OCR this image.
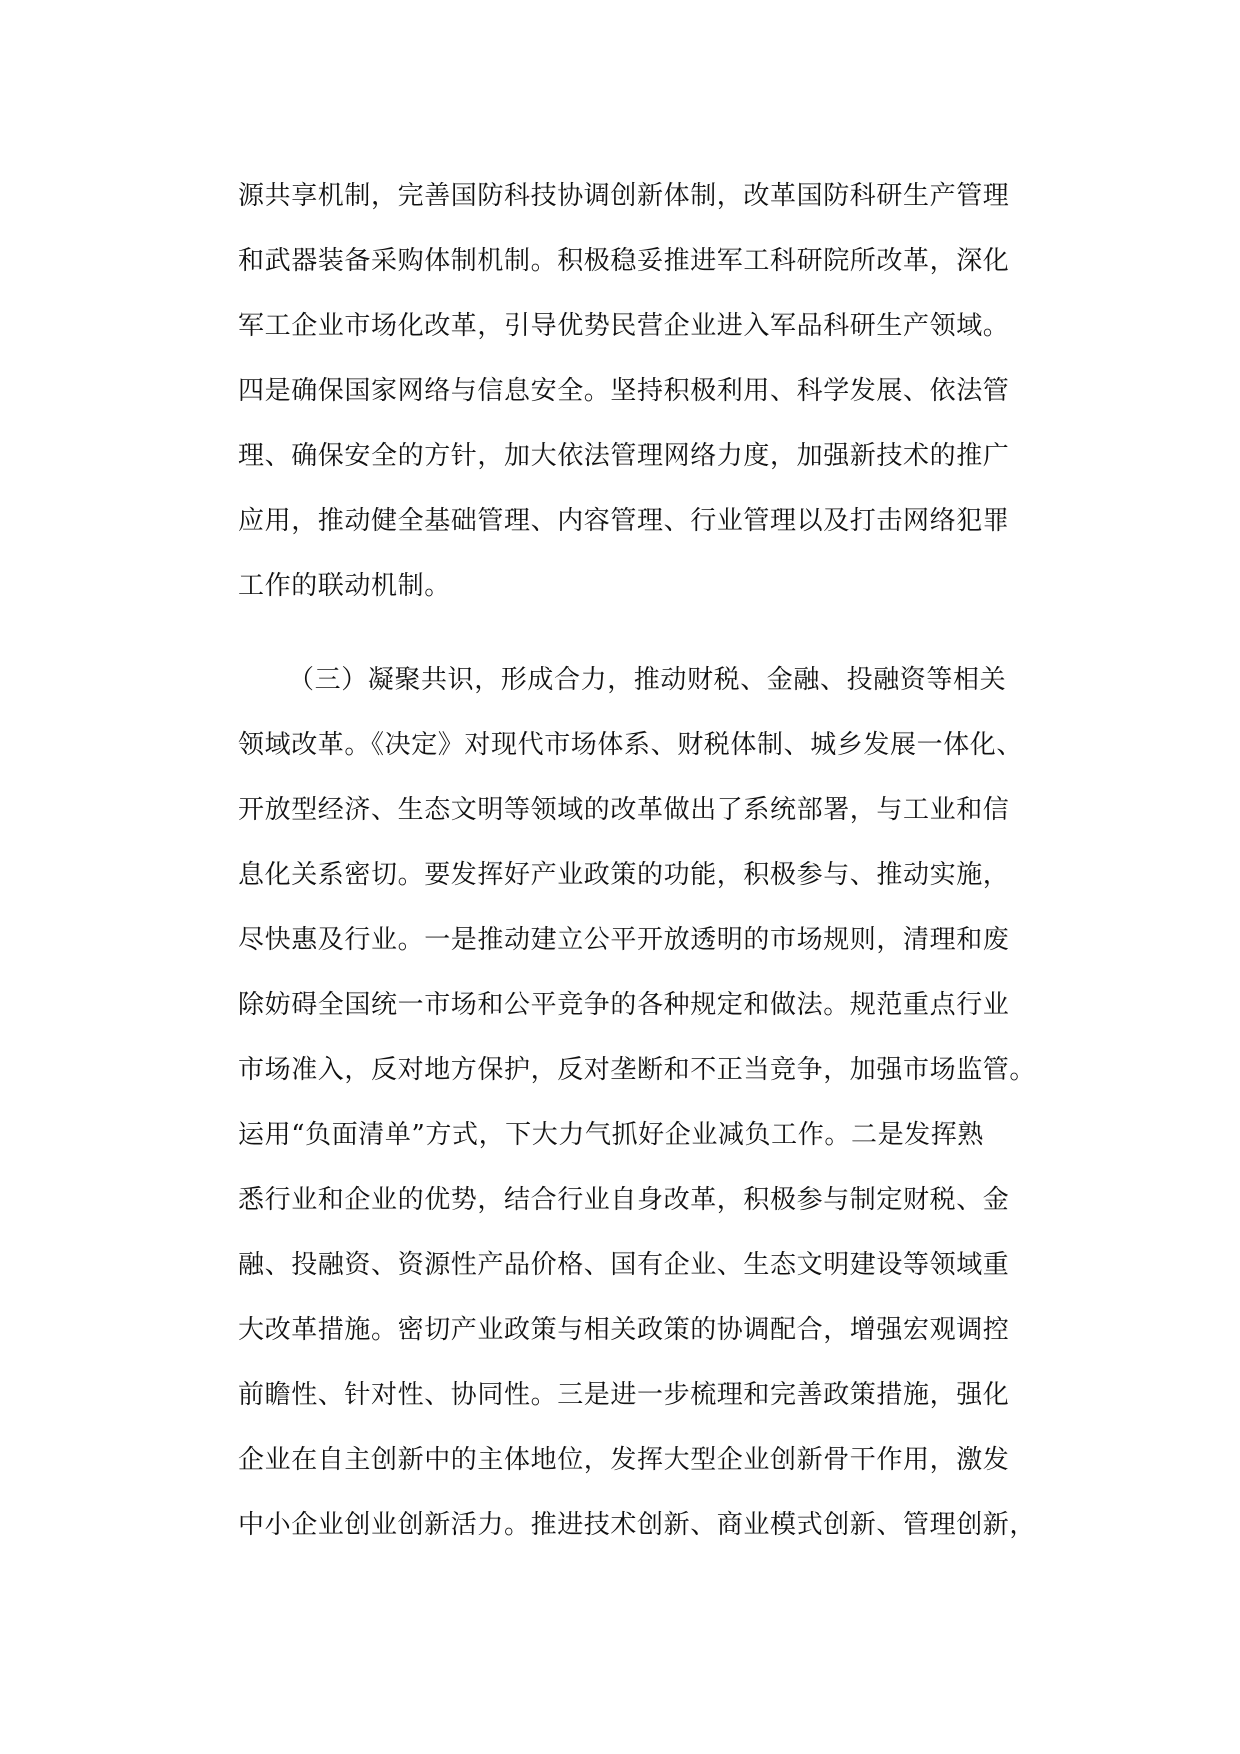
源共享机制，完善国防科技协调创新体制，改革国防科研生产管理
和武器装备采购体制机制。积极稳妥推进军工科研院所改革，深化
军工企业市场化改革，引导优势民营企业进入军品科研生产领域。
四是确保国家网络与信息安全。坚持积极利用、科学发展、依法管
理、确保安全的方针，加大依法管理网络力度，加强新技术的推广
应用，推动健全基础管理、内容管理、行业管理以及打击网络犯罪
工作的联动机制。
（三）凝聚共识，形成合力，推动财税、金融、投融资等相关
领域改革。《决定》对现代市场体系、财税体制、城乡发展一体化、
开放型经济、生态文明等领域的改革做出了系统部署，与工业和信
息化关系密切。要发挥好产业政策的功能，积极参与、推动实施，
尽快惠及行业。一是推动建立公平开放透明的市场规则，清理和废
除妨碍全国统一市场和公平竞争的各种规定和做法。规范重点行业
市场准入，反对地方保护，反对垄断和不正当竞争，加强市场监管。
运用“负面清单”方式，下大力气抓好企业减负工作。二是发挥熟
悉行业和企业的优势，结合行业自身改革，积极参与制定财税、金
融、投融资、资源性产品价格、国有企业、生态文明建设等领域重
大改革措施。密切产业政策与相关政策的协调配合，增强宏观调控
前瞻性、针对性、协同性。三是进一步梳理和完善政策措施，强化
企业在自主创新中的主体地位，发挥大型企业创新骨干作用，激发
中小企业创业创新活力。推进技术创新、商业模式创新、管理创新，
